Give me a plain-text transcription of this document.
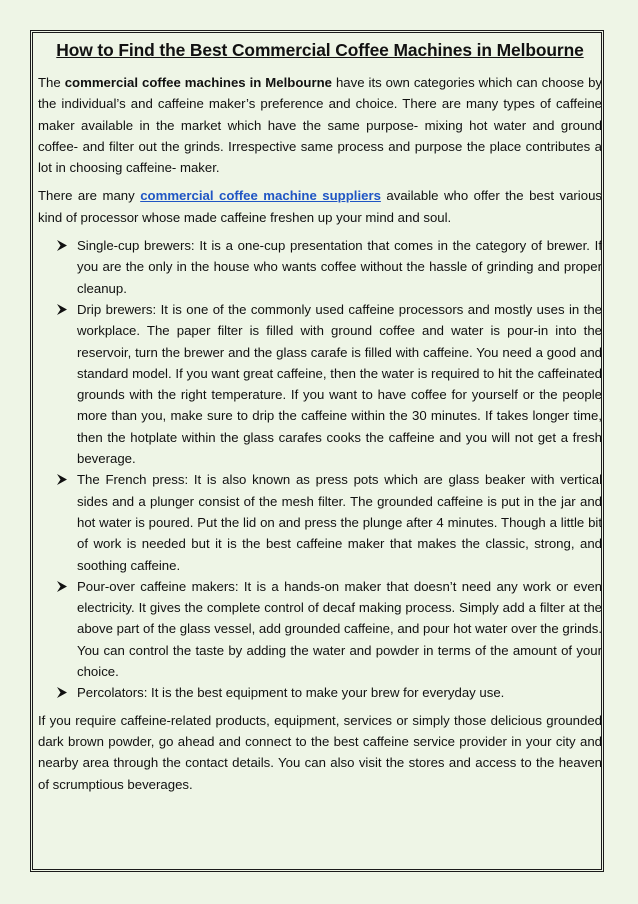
How to Find the Best Commercial Coffee Machines in Melbourne

The commercial coffee machines in Melbourne have its own categories which can choose by the individual’s and caffeine maker’s preference and choice. There are many types of caffeine maker available in the market which have the same purpose- mixing hot water and ground coffee- and filter out the grinds. Irrespective same process and purpose the place contributes a lot in choosing caffeine- maker.

There are many commercial coffee machine suppliers available who offer the best various kind of processor whose made caffeine freshen up your mind and soul.

Single-cup brewers: It is a one-cup presentation that comes in the category of brewer. If you are the only in the house who wants coffee without the hassle of grinding and proper cleanup.
Drip brewers: It is one of the commonly used caffeine processors and mostly uses in the workplace. The paper filter is filled with ground coffee and water is pour-in into the reservoir, turn the brewer and the glass carafe is filled with caffeine. You need a good and standard model. If you want great caffeine, then the water is required to hit the caffeinated grounds with the right temperature. If you want to have coffee for yourself or the people more than you, make sure to drip the caffeine within the 30 minutes. If takes longer time, then the hotplate within the glass carafes cooks the caffeine and you will not get a fresh beverage.
The French press: It is also known as press pots which are glass beaker with vertical sides and a plunger consist of the mesh filter. The grounded caffeine is put in the jar and hot water is poured. Put the lid on and press the plunge after 4 minutes. Though a little bit of work is needed but it is the best caffeine maker that makes the classic, strong, and soothing caffeine.
Pour-over caffeine makers: It is a hands-on maker that doesn’t need any work or even electricity. It gives the complete control of decaf making process. Simply add a filter at the above part of the glass vessel, add grounded caffeine, and pour hot water over the grinds. You can control the taste by adding the water and powder in terms of the amount of your choice.
Percolators: It is the best equipment to make your brew for everyday use.

If you require caffeine-related products, equipment, services or simply those delicious grounded dark brown powder, go ahead and connect to the best caffeine service provider in your city and nearby area through the contact details. You can also visit the stores and access to the heaven of scrumptious beverages.
